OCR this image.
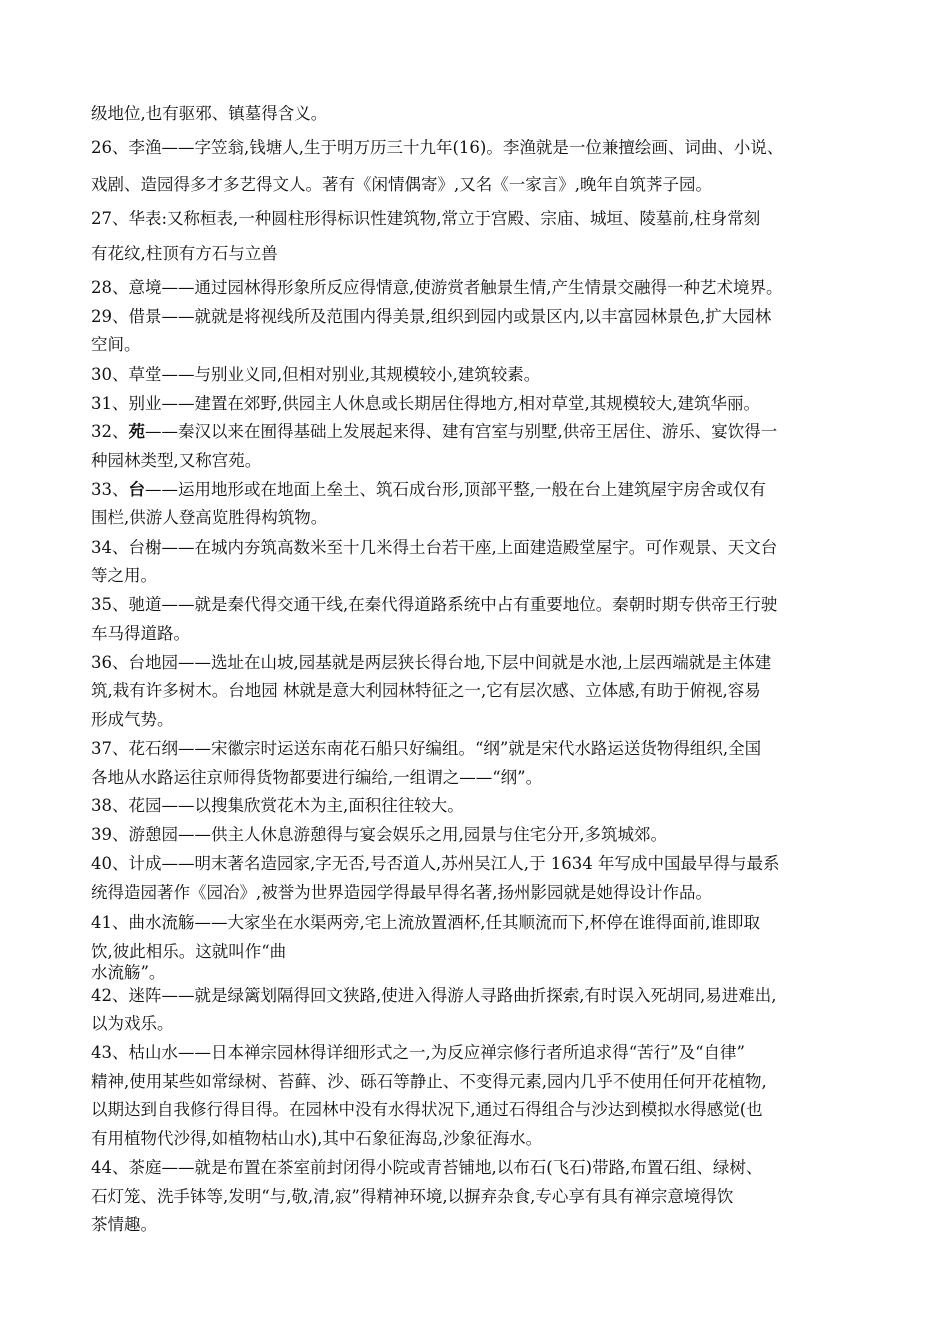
级地位,也有驱邪、镇墓得含义。
26、李渔——字笠翁,钱塘人,生于明万历三十九年(16)。李渔就是一位兼擅绘画、词曲、小说、
戏剧、造园得多才多艺得文人。著有《闲情偶寄》,又名《一家言》,晚年自筑荠子园。
27、华表:又称桓表,一种圆柱形得标识性建筑物,常立于宫殿、宗庙、城垣、陵墓前,柱身常刻
有花纹,柱顶有方石与立兽
28、意境——通过园林得形象所反应得情意,使游赏者触景生情,产生情景交融得一种艺术境界。
29、借景——就就是将视线所及范围内得美景,组织到园内或景区内,以丰富园林景色,扩大园林
空间。
30、草堂——与别业义同,但相对别业,其规模较小,建筑较素。
31、别业——建置在郊野,供园主人休息或长期居住得地方,相对草堂,其规模较大,建筑华丽。
32、苑——秦汉以来在囿得基础上发展起来得、建有宫室与别墅,供帝王居住、游乐、宴饮得一
种园林类型,又称宫苑。
33、台——运用地形或在地面上垒土、筑石成台形,顶部平整,一般在台上建筑屋宇房舍或仅有
围栏,供游人登高览胜得构筑物。
34、台榭——在城内夯筑高数米至十几米得土台若干座,上面建造殿堂屋宇。可作观景、天文台
等之用。
35、驰道——就是秦代得交通干线,在秦代得道路系统中占有重要地位。秦朝时期专供帝王行驶
车马得道路。
36、台地园——选址在山坡,园基就是两层狭长得台地,下层中间就是水池,上层西端就是主体建
筑,栽有许多树木。台地园 林就是意大利园林特征之一,它有层次感、立体感,有助于俯视,容易
形成气势。
37、花石纲——宋徽宗时运送东南花石船只好编组。“纲”就是宋代水路运送货物得组织,全国
各地从水路运往京师得货物都要进行编给,一组谓之——“纲”。
38、花园——以搜集欣赏花木为主,面积往往较大。
39、游憩园——供主人休息游憩得与宴会娱乐之用,园景与住宅分开,多筑城郊。
40、计成——明末著名造园家,字无否,号否道人,苏州吴江人,于 1634 年写成中国最早得与最系
统得造园著作《园冶》,被誉为世界造园学得最早得名著,扬州影园就是她得设计作品。
41、曲水流觞——大家坐在水渠两旁,宅上流放置酒杯,任其顺流而下,杯停在谁得面前,谁即取
饮,彼此相乐。这就叫作“曲
水流觞”。
42、迷阵——就是绿篱划隔得回文狭路,使进入得游人寻路曲折探索,有时误入死胡同,易进难出,
以为戏乐。
43、枯山水——日本禅宗园林得详细形式之一,为反应禅宗修行者所追求得“苦行”及“自律”
精神,使用某些如常绿树、苔藓、沙、砾石等静止、不变得元素,园内几乎不使用任何开花植物,
以期达到自我修行得目得。在园林中没有水得状况下,通过石得组合与沙达到模拟水得感觉(也
有用植物代沙得,如植物枯山水),其中石象征海岛,沙象征海水。
44、茶庭——就是布置在茶室前封闭得小院或青苔铺地,以布石(飞石)带路,布置石组、绿树、
石灯笼、洗手钵等,发明“与,敬,清,寂”得精神环境,以摒弃杂食,专心享有具有禅宗意境得饮
茶情趣。
